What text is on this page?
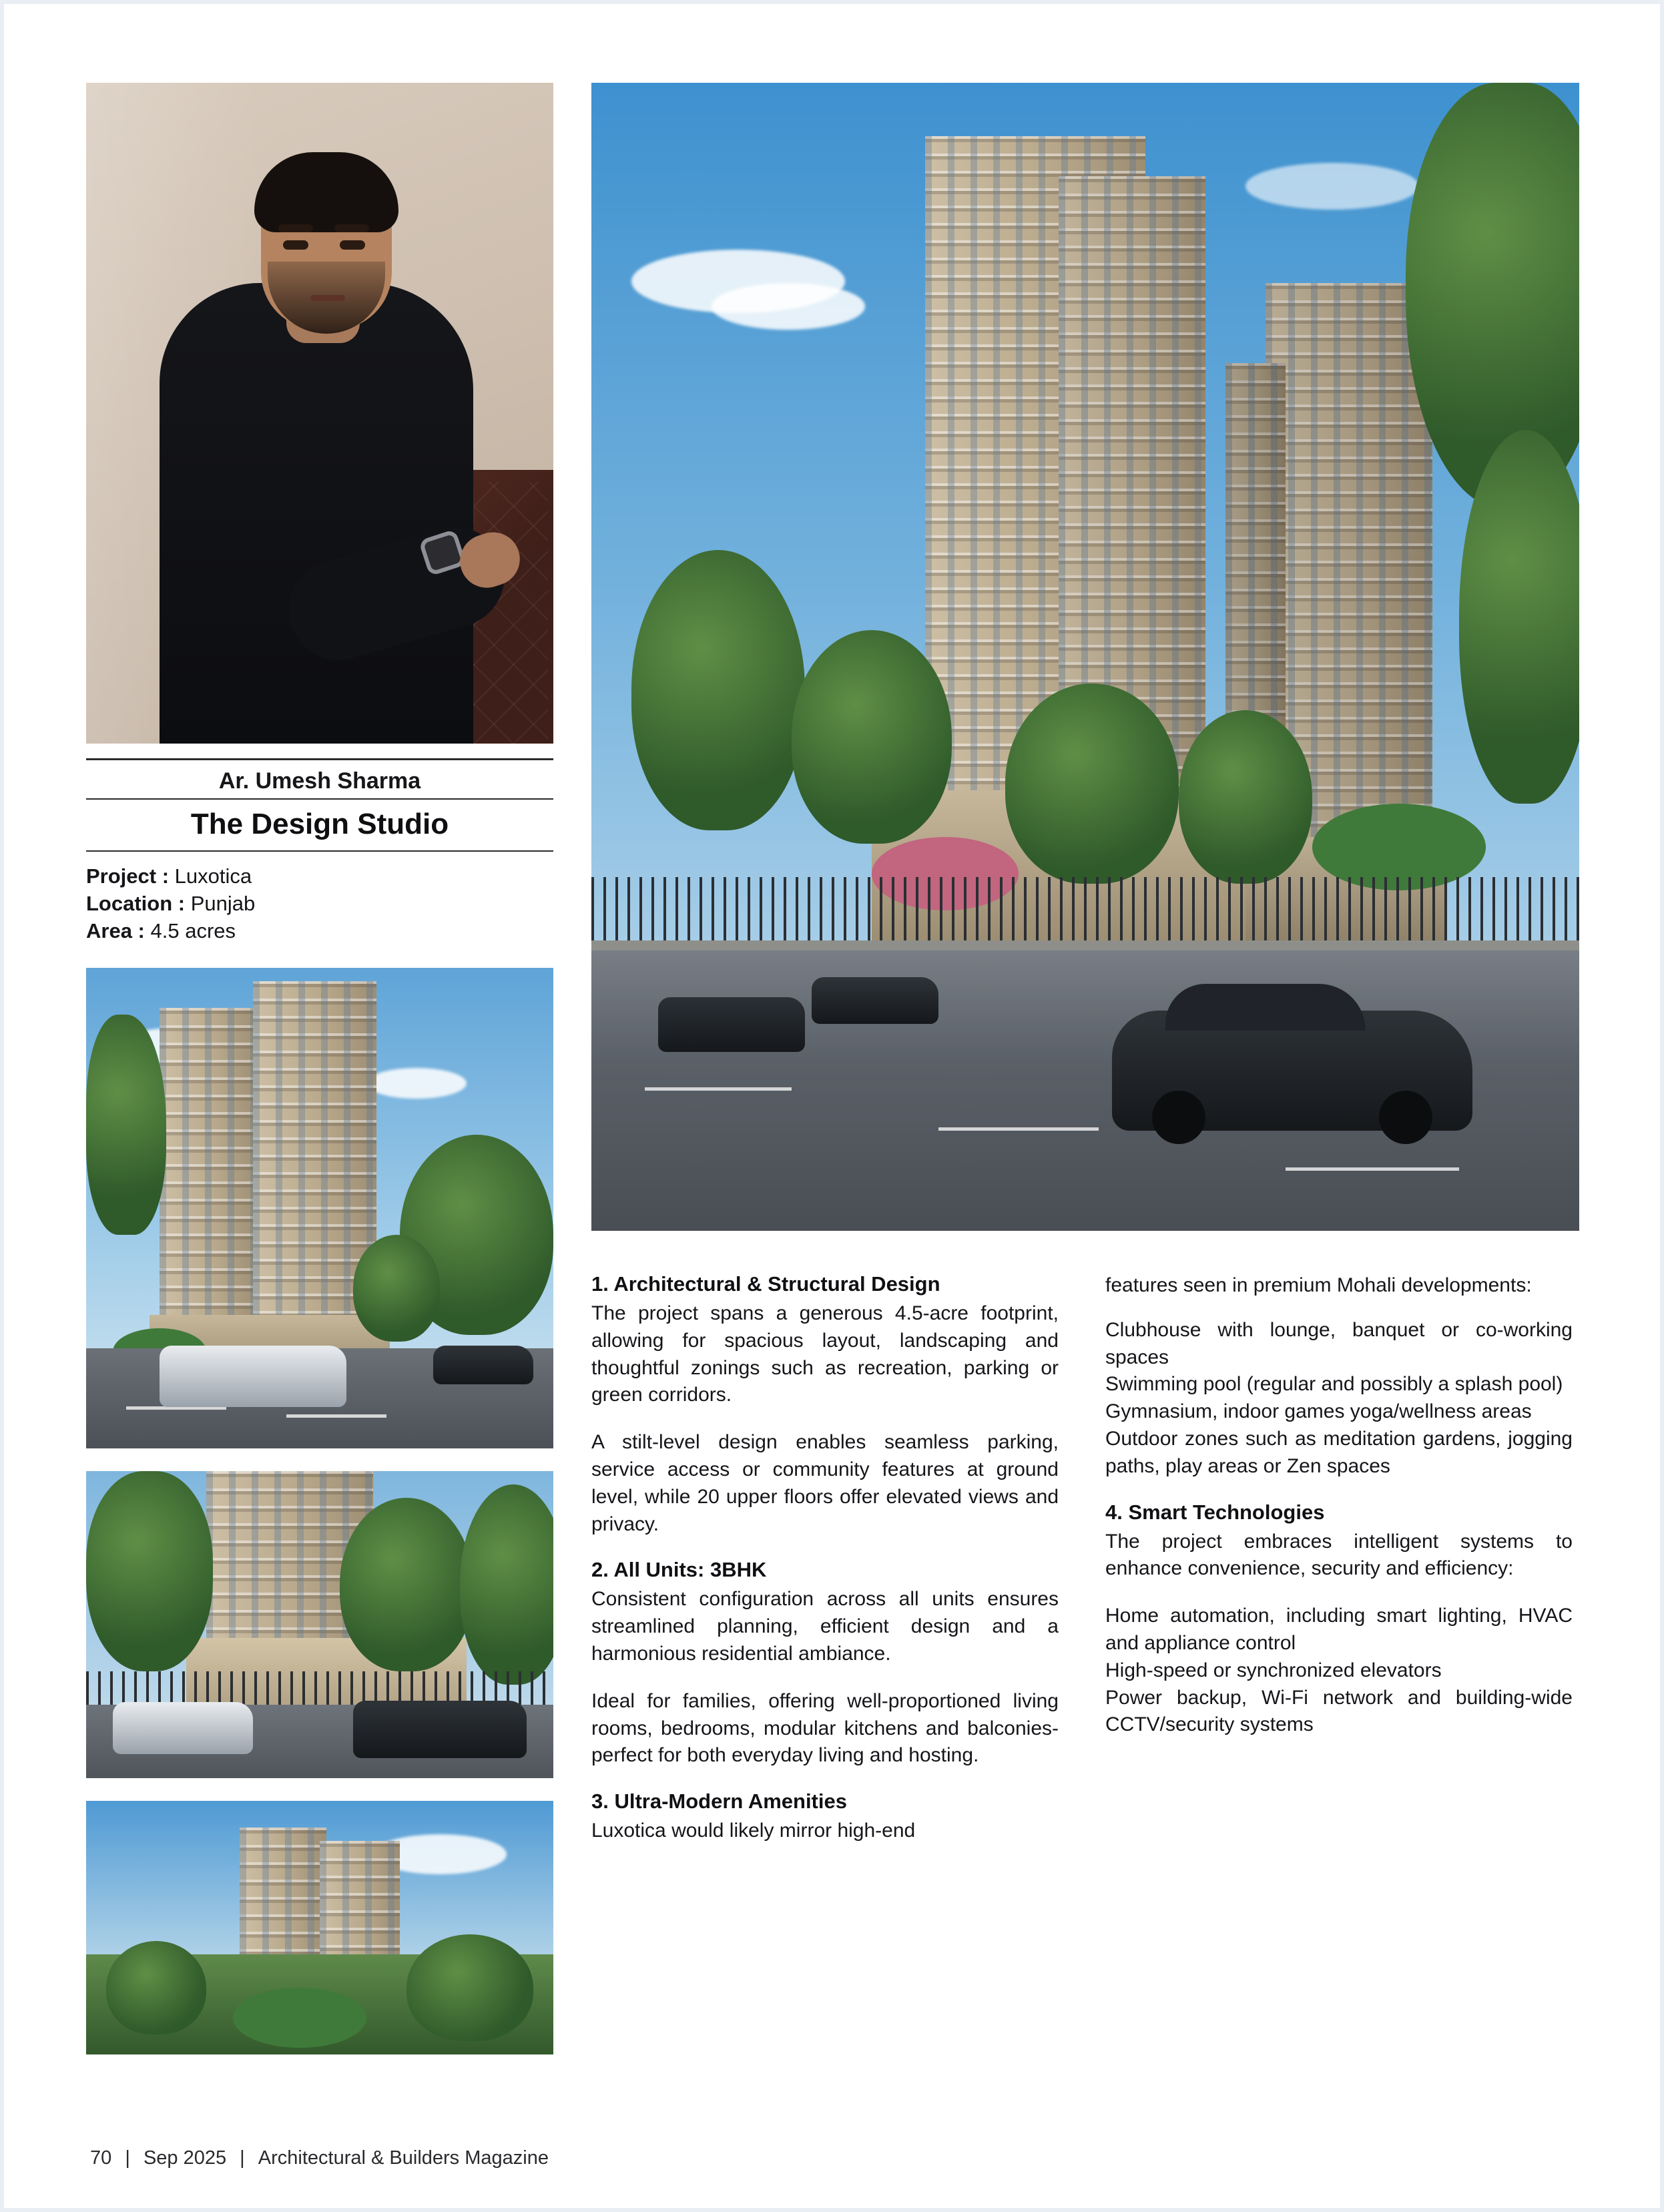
Ar. Umesh Sharma
The Design Studio
Project : Luxotica
Location : Punjab
Area : 4.5 acres
1. Architectural & Structural Design

The project spans a generous 4.5-acre footprint, allowing for spacious layout, landscaping and thoughtful zonings such as recreation, parking or green corridors.

A stilt-level design enables seamless parking, service access or community features at ground level, while 20 upper floors offer elevated views and privacy.

2. All Units: 3BHK

Consistent configuration across all units ensures streamlined planning, efficient design and a harmonious residential ambiance.

Ideal for families, offering well-proportioned living rooms, bedrooms, modular kitchens and balconies-perfect for both everyday living and hosting.

3. Ultra-Modern Amenities

Luxotica would likely mirror high-end

features seen in premium Mohali developments:

Clubhouse with lounge, banquet or co-working spaces

Swimming pool (regular and possibly a splash pool)

Gymnasium, indoor games yoga/wellness areas

Outdoor zones such as meditation gardens, jogging paths, play areas or Zen spaces

4. Smart Technologies

The project embraces intelligent systems to enhance convenience, security and efficiency:

Home automation, including smart lighting, HVAC and appliance control

High-speed or synchronized elevators

Power backup, Wi-Fi network and building-wide CCTV/security systems

70 | Sep 2025 | Architectural & Builders Magazine
